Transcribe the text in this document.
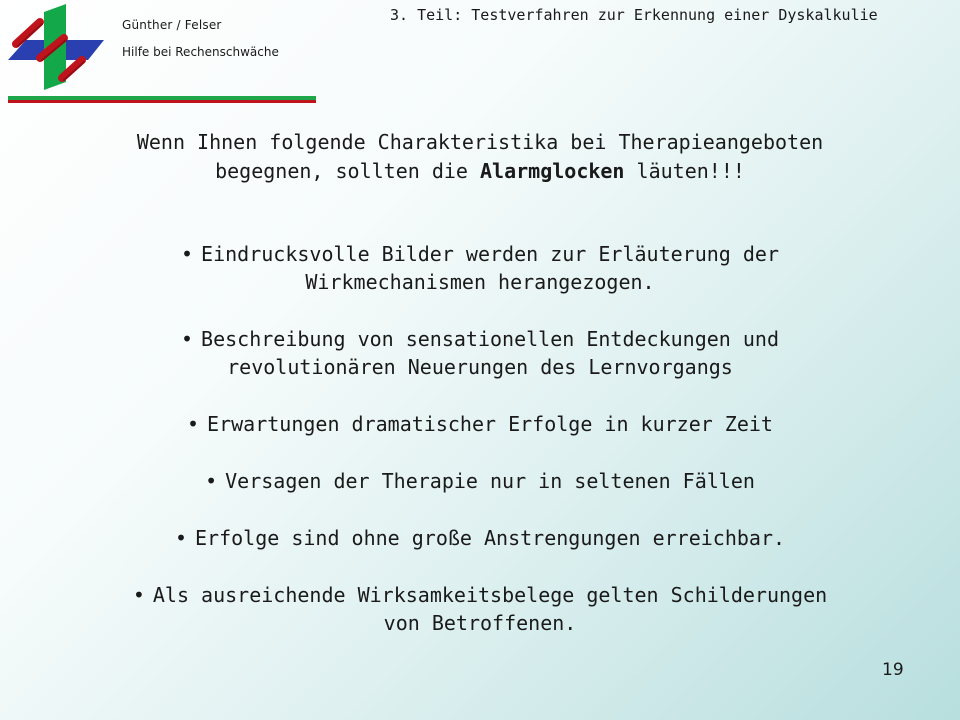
Günther / Felser
Hilfe bei Rechenschwäche
3. Teil: Testverfahren zur Erkennung einer Dyskalkulie
Wenn Ihnen folgende Charakteristika bei Therapieangeboten
begegnen, sollten die Alarmglocken läuten!!!
• Eindrucksvolle Bilder werden zur Erläuterung der
Wirkmechanismen herangezogen.
• Beschreibung von sensationellen Entdeckungen und
revolutionären Neuerungen des Lernvorgangs
• Erwartungen dramatischer Erfolge in kurzer Zeit
• Versagen der Therapie nur in seltenen Fällen
• Erfolge sind ohne große Anstrengungen erreichbar.
• Als ausreichende Wirksamkeitsbelege gelten Schilderungen
von Betroffenen.
19
